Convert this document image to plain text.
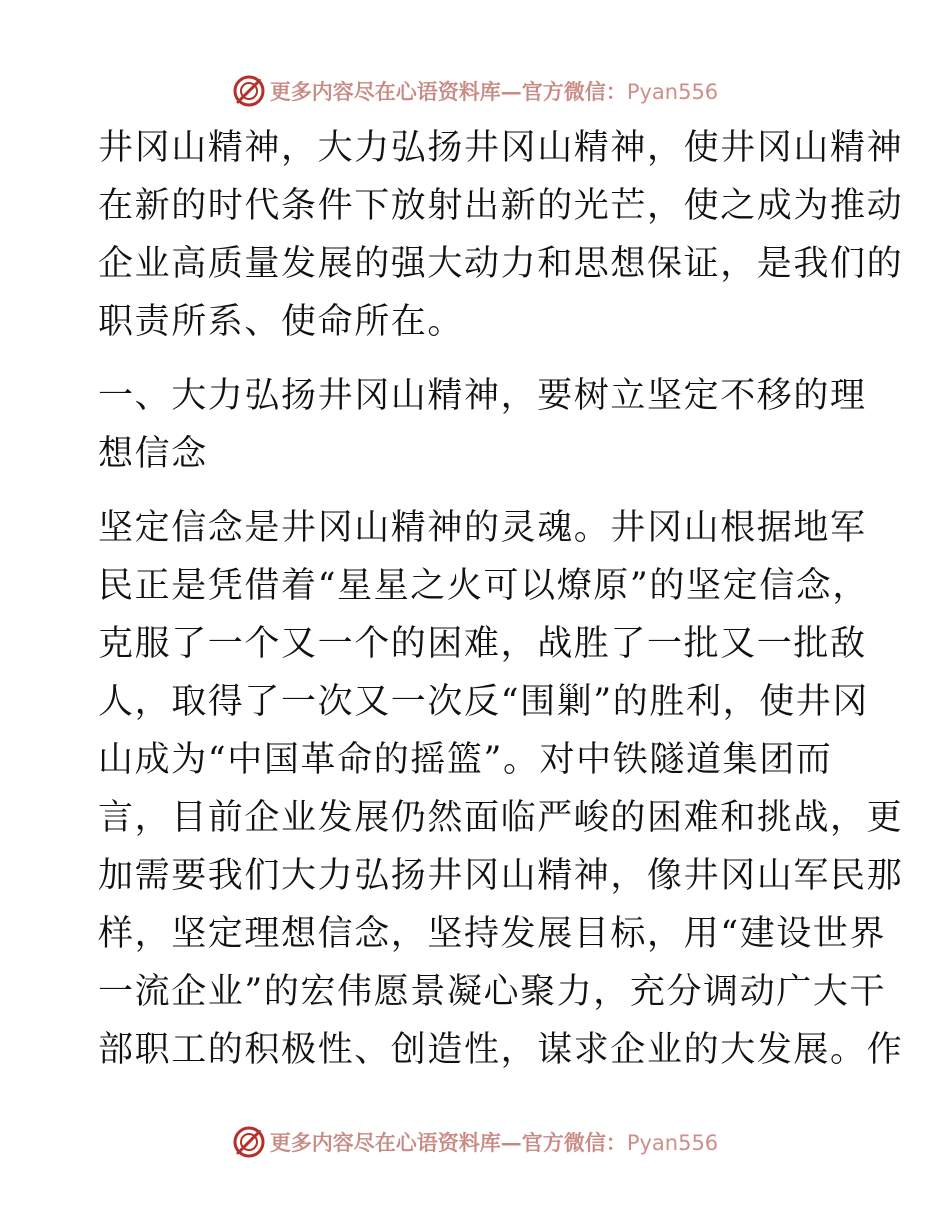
更多内容尽在心语资料库—官方微信：Pyan556
井冈山精神，大力弘扬井冈山精神，使井冈山精神
在新的时代条件下放射出新的光芒，使之成为推动
企业高质量发展的强大动力和思想保证，是我们的
职责所系、使命所在。
一、大力弘扬井冈山精神，要树立坚定不移的理
想信念
坚定信念是井冈山精神的灵魂。井冈山根据地军
民正是凭借着“星星之火可以燎原”的坚定信念，
克服了一个又一个的困难，战胜了一批又一批敌
人，取得了一次又一次反“围剿”的胜利，使井冈
山成为“中国革命的摇篮”。对中铁隧道集团而
言，目前企业发展仍然面临严峻的困难和挑战，更
加需要我们大力弘扬井冈山精神，像井冈山军民那
样，坚定理想信念，坚持发展目标，用“建设世界
一流企业”的宏伟愿景凝心聚力，充分调动广大干
部职工的积极性、创造性，谋求企业的大发展。作
更多内容尽在心语资料库—官方微信：Pyan556
